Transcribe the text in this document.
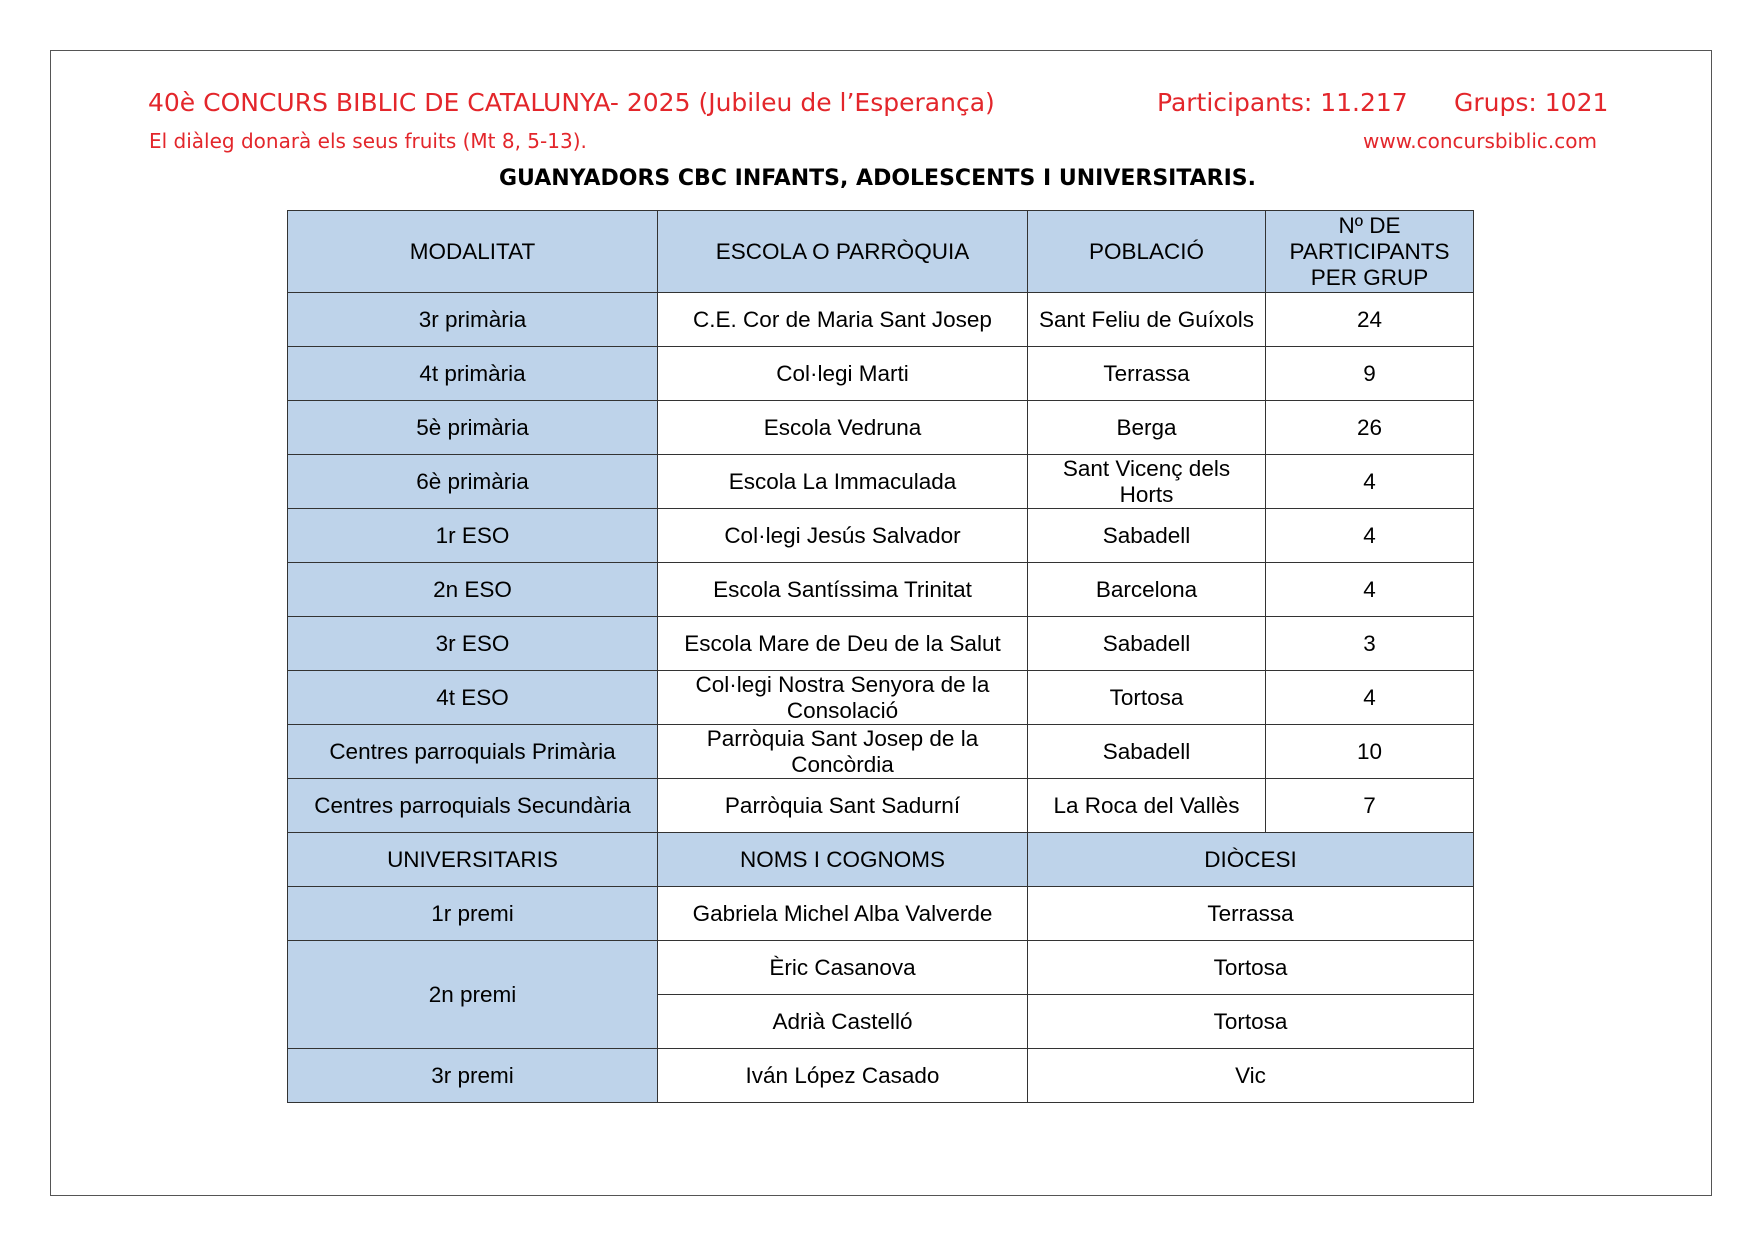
40è CONCURS BIBLIC DE CATALUNYA- 2025 (Jubileu de l’Esperança)	Participants: 11.217 Grups: 1021
El diàleg donarà els seus fruits (Mt 8, 5-13).	www.concursbiblic.com
GUANYADORS CBC INFANTS, ADOLESCENTS I UNIVERSITARIS.
MODALITAT	ESCOLA O PARRÒQUIA	POBLACIÓ	Nº DE PARTICIPANTS PER GRUP
3r primària	C.E. Cor de Maria Sant Josep	Sant Feliu de Guíxols	24
4t primària	Col·legi Marti	Terrassa	9
5è primària	Escola Vedruna	Berga	26
6è primària	Escola La Immaculada	Sant Vicenç dels Horts	4
1r ESO	Col·legi Jesús Salvador	Sabadell	4
2n ESO	Escola Santíssima Trinitat	Barcelona	4
3r ESO	Escola Mare de Deu de la Salut	Sabadell	3
4t ESO	Col·legi Nostra Senyora de la Consolació	Tortosa	4
Centres parroquials Primària	Parròquia Sant Josep de la Concòrdia	Sabadell	10
Centres parroquials Secundària	Parròquia Sant Sadurní	La Roca del Vallès	7
UNIVERSITARIS	NOMS I COGNOMS	DIÒCESI	
1r premi	Gabriela Michel Alba Valverde	Terrassa	
2n premi	Èric Casanova	Tortosa	
	Adrià Castelló	Tortosa	
3r premi	Iván López Casado	Vic	
